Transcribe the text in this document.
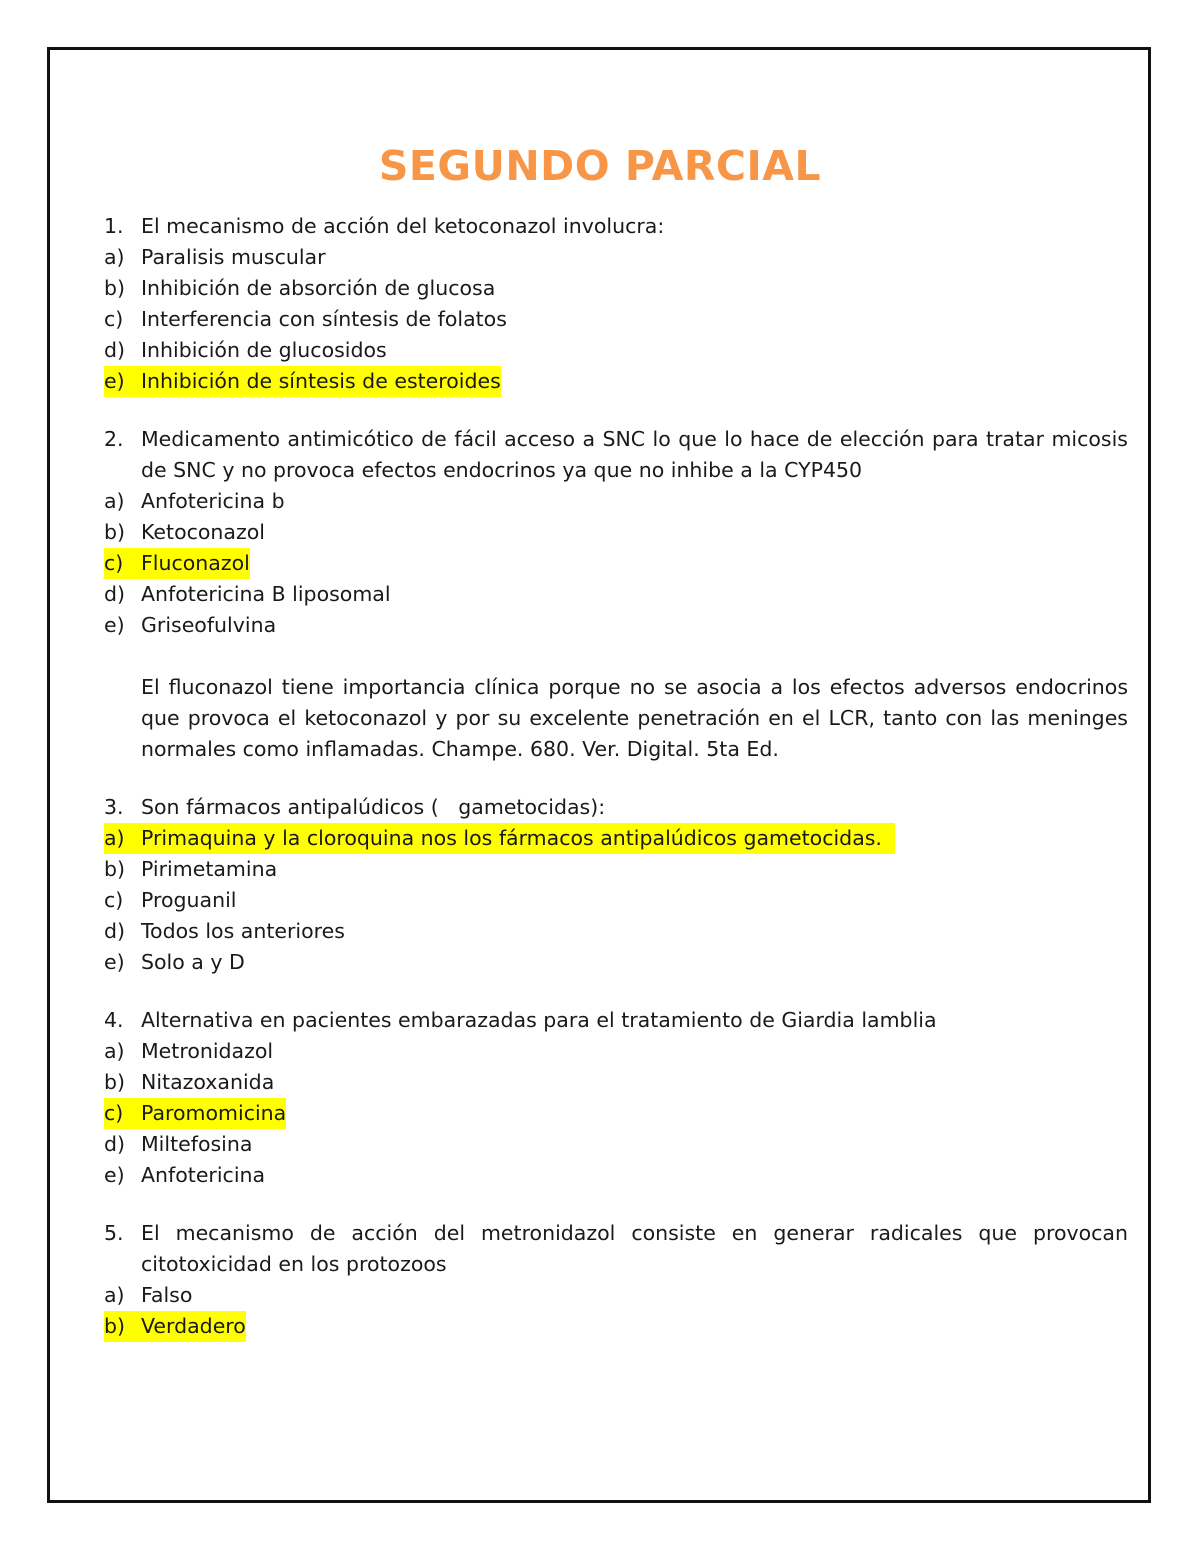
SEGUNDO PARCIAL
1. El mecanismo de acción del ketoconazol involucra:
a) Paralisis muscular
b) Inhibición de absorción de glucosa
c) Interferencia con síntesis de folatos
d) Inhibición de glucosidos
e) Inhibición de síntesis de esteroides
2. Medicamento antimicótico de fácil acceso a SNC lo que lo hace de elección para tratar micosis de SNC y no provoca efectos endocrinos ya que no inhibe a la CYP450
a) Anfotericina b
b) Ketoconazol
c) Fluconazol
d) Anfotericina B liposomal
e) Griseofulvina
El fluconazol tiene importancia clínica porque no se asocia a los efectos adversos endocrinos que provoca el ketoconazol y por su excelente penetración en el LCR, tanto con las meninges normales como inflamadas. Champe. 680. Ver. Digital. 5ta Ed.
3. Son fármacos antipalúdicos (   gametocidas):
a) Primaquina y la cloroquina nos los fármacos antipalúdicos gametocidas.
b) Pirimetamina
c) Proguanil
d) Todos los anteriores
e) Solo a y D
4. Alternativa en pacientes embarazadas para el tratamiento de Giardia lamblia
a) Metronidazol
b) Nitazoxanida
c) Paromomicina
d) Miltefosina
e) Anfotericina
5. El mecanismo de acción del metronidazol consiste en generar radicales que provocan citotoxicidad en los protozoos
a) Falso
b) Verdadero
